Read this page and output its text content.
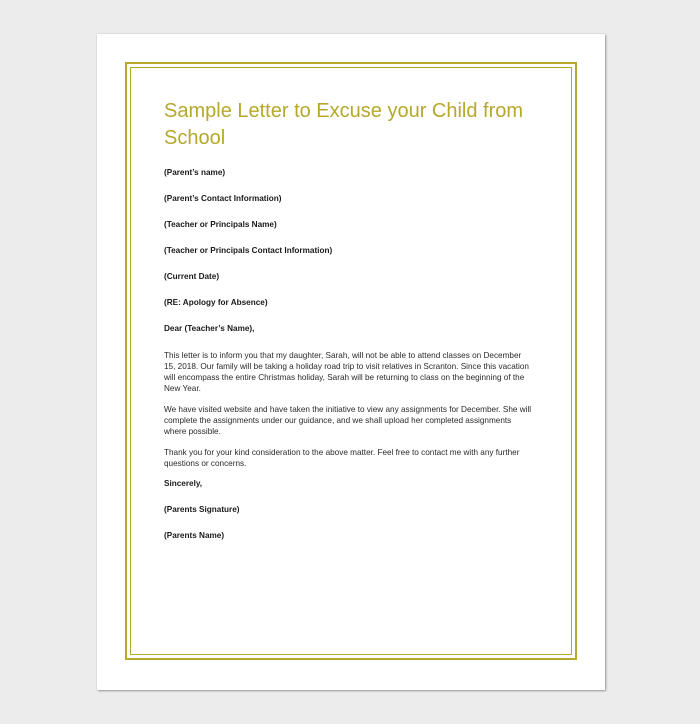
Sample Letter to Excuse your Child from School
(Parent’s name)
(Parent’s Contact Information)
(Teacher or Principals Name)
(Teacher or Principals Contact Information)
(Current Date)
(RE: Apology for Absence)
Dear (Teacher’s Name),

This letter is to inform you that my daughter, Sarah, will not be able to attend classes on December 15, 2018. Our family will be taking a holiday road trip to visit relatives in Scranton. Since this vacation will encompass the entire Christmas holiday, Sarah will be returning to class on the beginning of the New Year.

We have visited website and have taken the initiative to view any assignments for December. She will complete the assignments under our guidance, and we shall upload her completed assignments where possible.

Thank you for your kind consideration to the above matter. Feel free to contact me with any further questions or concerns.

Sincerely,
(Parents Signature)
(Parents Name)
